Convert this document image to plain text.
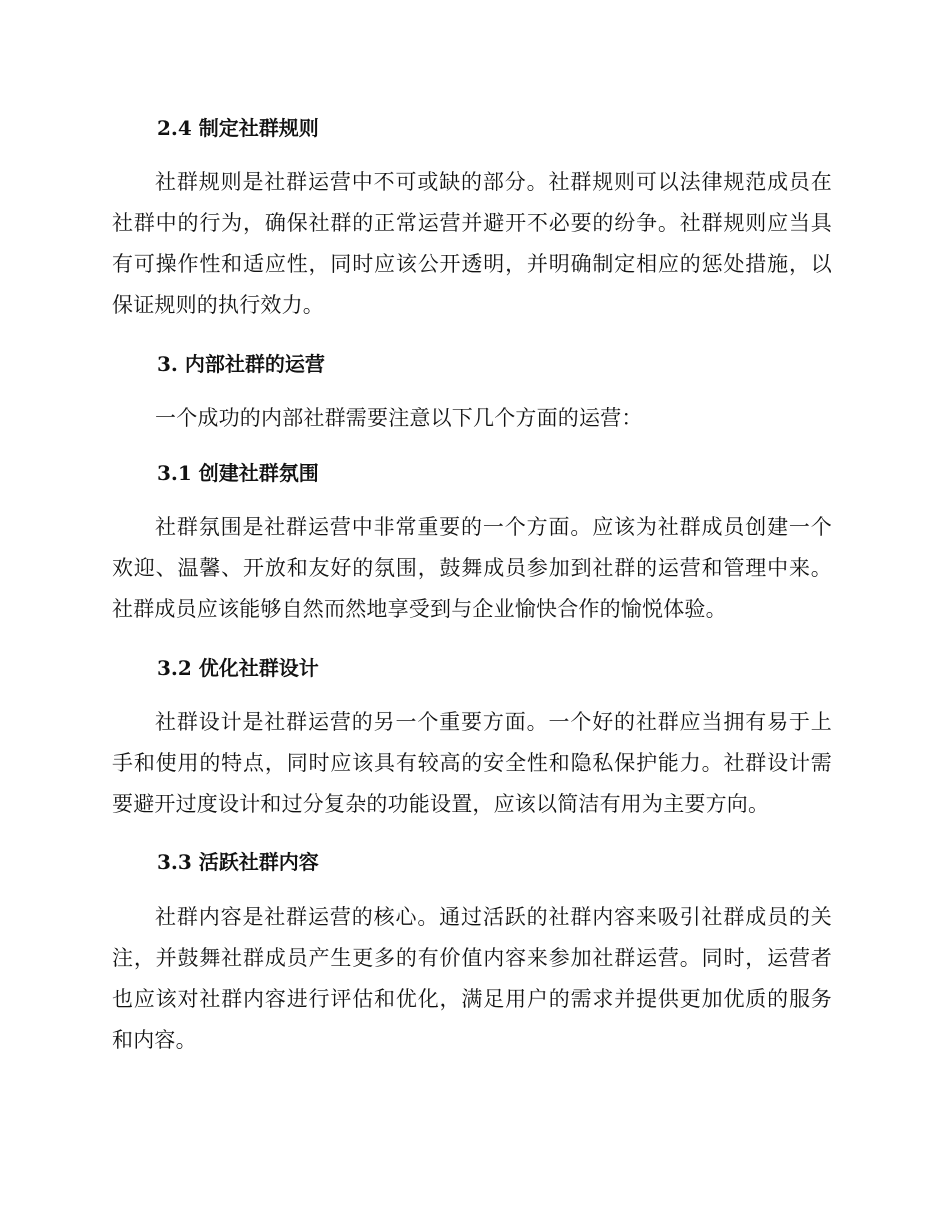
2.4 制定社群规则

社群规则是社群运营中不可或缺的部分。社群规则可以法律规范成员在社群中的行为，确保社群的正常运营并避开不必要的纷争。社群规则应当具有可操作性和适应性，同时应该公开透明，并明确制定相应的惩处措施，以保证规则的执行效力。

3. 内部社群的运营

一个成功的内部社群需要注意以下几个方面的运营：

3.1 创建社群氛围

社群氛围是社群运营中非常重要的一个方面。应该为社群成员创建一个欢迎、温馨、开放和友好的氛围，鼓舞成员参加到社群的运营和管理中来。社群成员应该能够自然而然地享受到与企业愉快合作的愉悦体验。

3.2 优化社群设计

社群设计是社群运营的另一个重要方面。一个好的社群应当拥有易于上手和使用的特点，同时应该具有较高的安全性和隐私保护能力。社群设计需要避开过度设计和过分复杂的功能设置，应该以简洁有用为主要方向。

3.3 活跃社群内容

社群内容是社群运营的核心。通过活跃的社群内容来吸引社群成员的关注，并鼓舞社群成员产生更多的有价值内容来参加社群运营。同时，运营者也应该对社群内容进行评估和优化，满足用户的需求并提供更加优质的服务和内容。
